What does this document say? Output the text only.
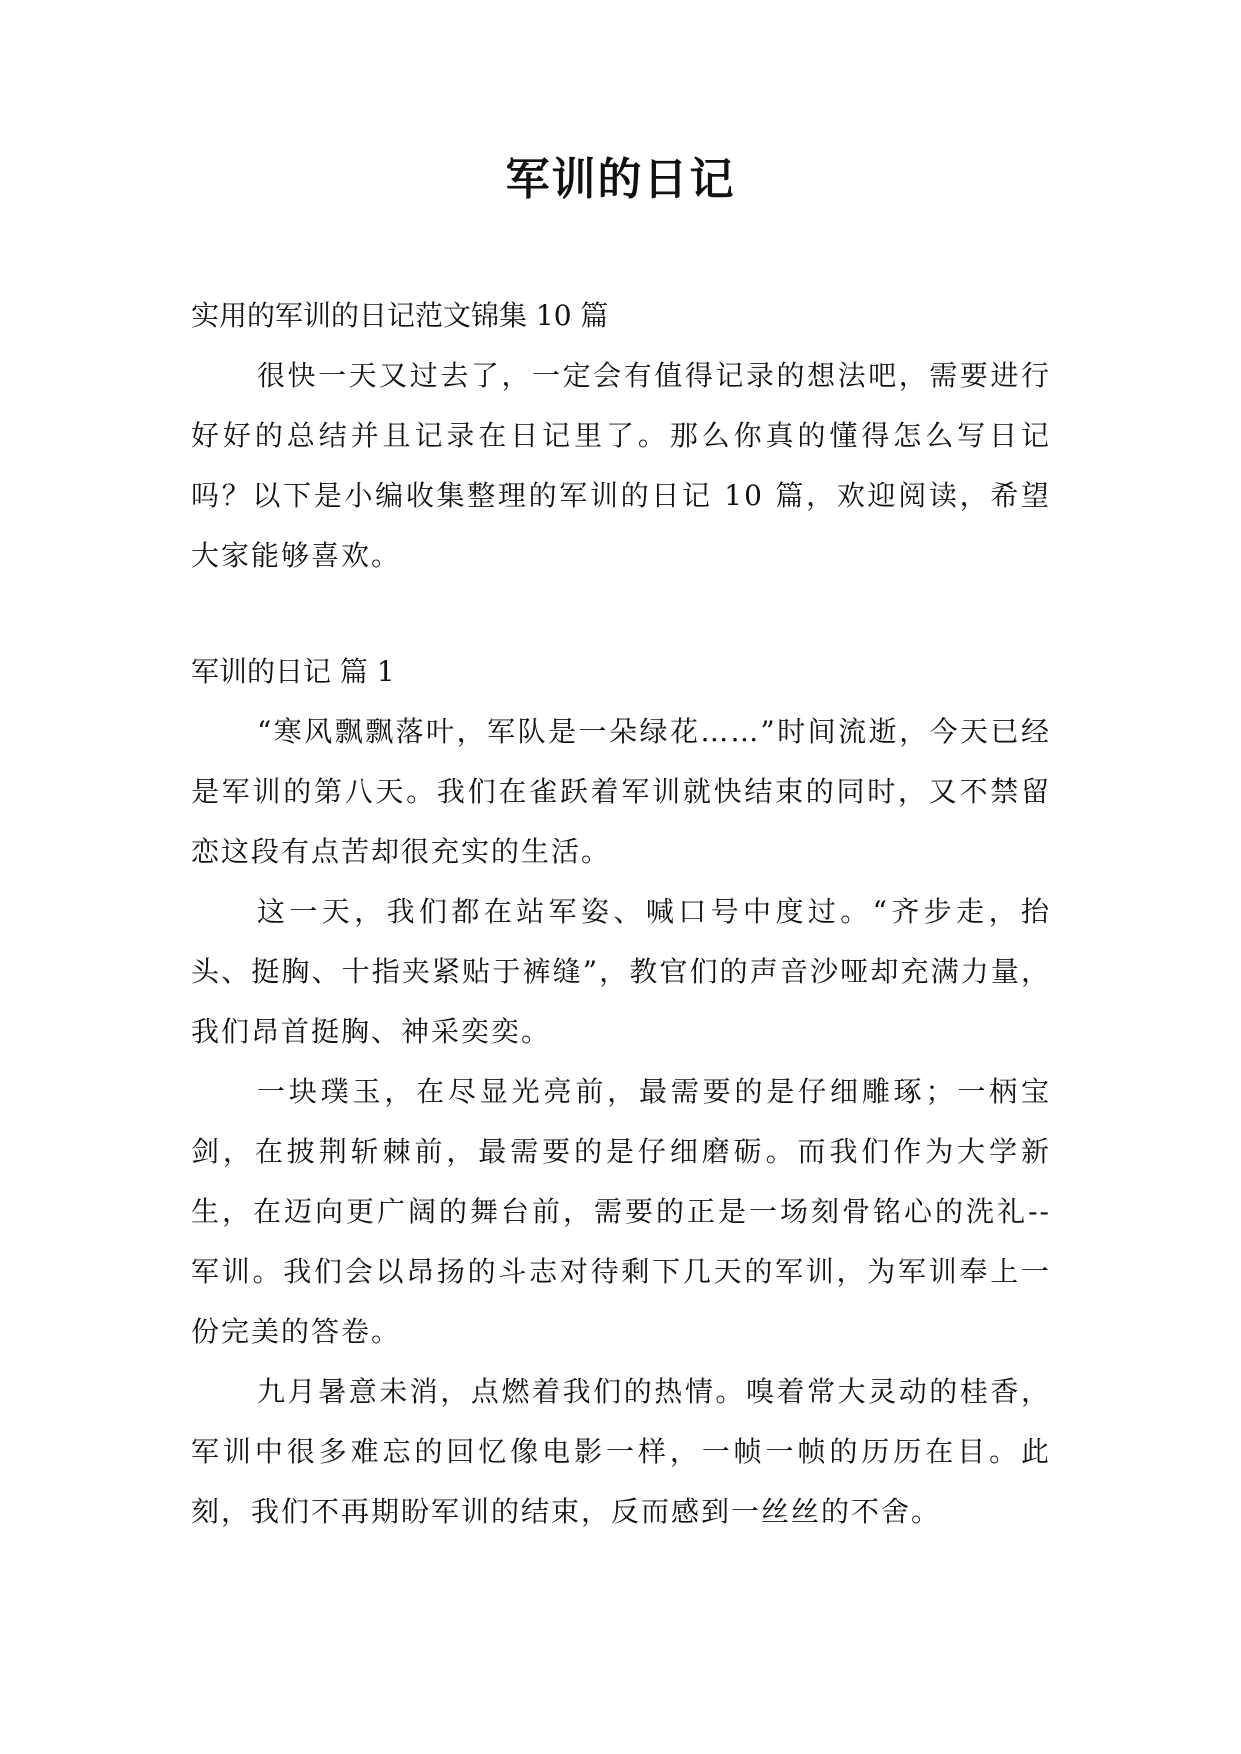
军训的日记

实用的军训的日记范文锦集 10 篇

很快一天又过去了，一定会有值得记录的想法吧，需要进行好好的总结并且记录在日记里了。那么你真的懂得怎么写日记吗？以下是小编收集整理的军训的日记 10 篇，欢迎阅读，希望大家能够喜欢。

军训的日记 篇 1

“寒风飘飘落叶，军队是一朵绿花……”时间流逝，今天已经是军训的第八天。我们在雀跃着军训就快结束的同时，又不禁留恋这段有点苦却很充实的生活。

这一天，我们都在站军姿、喊口号中度过。“齐步走，抬头、挺胸、十指夹紧贴于裤缝”，教官们的声音沙哑却充满力量，我们昂首挺胸、神采奕奕。

一块璞玉，在尽显光亮前，最需要的是仔细雕琢；一柄宝剑，在披荆斩棘前，最需要的是仔细磨砺。而我们作为大学新生，在迈向更广阔的舞台前，需要的正是一场刻骨铭心的洗礼--军训。我们会以昂扬的斗志对待剩下几天的军训，为军训奉上一份完美的答卷。

九月暑意未消，点燃着我们的热情。嗅着常大灵动的桂香，军训中很多难忘的回忆像电影一样，一帧一帧的历历在目。此刻，我们不再期盼军训的结束，反而感到一丝丝的不舍。
